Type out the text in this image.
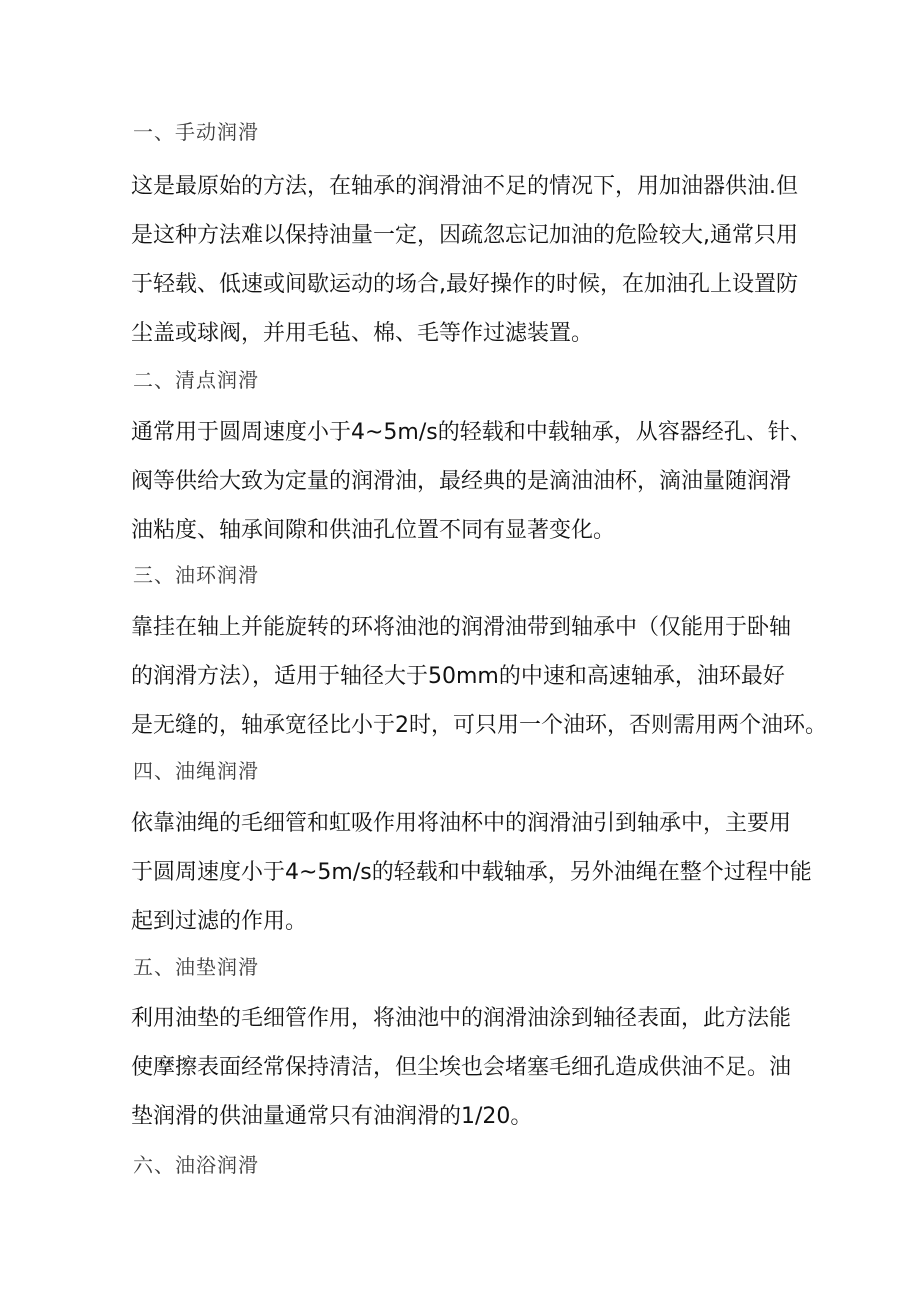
一、手动润滑
这是最原始的方法，在轴承的润滑油不足的情况下，用加油器供油.但
是这种方法难以保持油量一定，因疏忽忘记加油的危险较大,通常只用
于轻载、低速或间歇运动的场合,最好操作的时候，在加油孔上设置防
尘盖或球阀，并用毛毡、棉、毛等作过滤装置。
二、清点润滑
通常用于圆周速度小于4~5m/s的轻载和中载轴承，从容器经孔、针、
阀等供给大致为定量的润滑油，最经典的是滴油油杯，滴油量随润滑
油粘度、轴承间隙和供油孔位置不同有显著变化。
三、油环润滑
靠挂在轴上并能旋转的环将油池的润滑油带到轴承中（仅能用于卧轴
的润滑方法），适用于轴径大于50mm的中速和高速轴承，油环最好
是无缝的，轴承宽径比小于2时，可只用一个油环，否则需用两个油环。
四、油绳润滑
依靠油绳的毛细管和虹吸作用将油杯中的润滑油引到轴承中，主要用
于圆周速度小于4~5m/s的轻载和中载轴承，另外油绳在整个过程中能
起到过滤的作用。
五、油垫润滑
利用油垫的毛细管作用，将油池中的润滑油涂到轴径表面，此方法能
使摩擦表面经常保持清洁，但尘埃也会堵塞毛细孔造成供油不足。油
垫润滑的供油量通常只有油润滑的1/20。
六、油浴润滑
